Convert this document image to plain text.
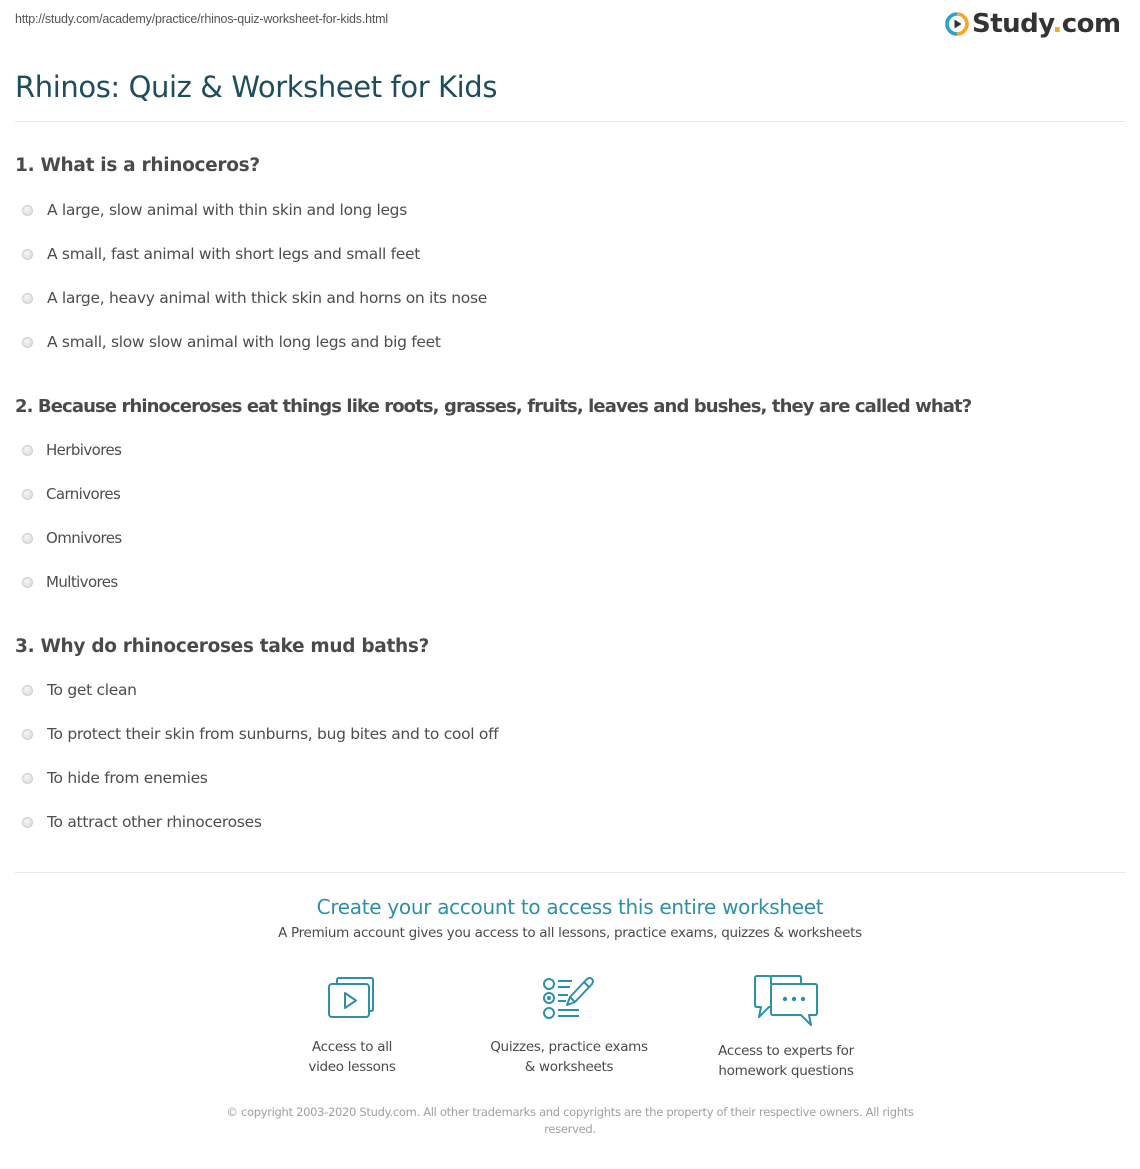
http://study.com/academy/practice/rhinos-quiz-worksheet-for-kids.html	Study.com
Rhinos: Quiz & Worksheet for Kids
1. What is a rhinoceros?
A large, slow animal with thin skin and long legs
A small, fast animal with short legs and small feet
A large, heavy animal with thick skin and horns on its nose
A small, slow slow animal with long legs and big feet
2. Because rhinoceroses eat things like roots, grasses, fruits, leaves and bushes, they are called what?
Herbivores
Carnivores
Omnivores
Multivores
3. Why do rhinoceroses take mud baths?
To get clean
To protect their skin from sunburns, bug bites and to cool off
To hide from enemies
To attract other rhinoceroses
Create your account to access this entire worksheet
A Premium account gives you access to all lessons, practice exams, quizzes & worksheets
Access to all
video lessons
Quizzes, practice exams
& worksheets
Access to experts for
homework questions
© copyright 2003-2020 Study.com. All other trademarks and copyrights are the property of their respective owners. All rights reserved.
